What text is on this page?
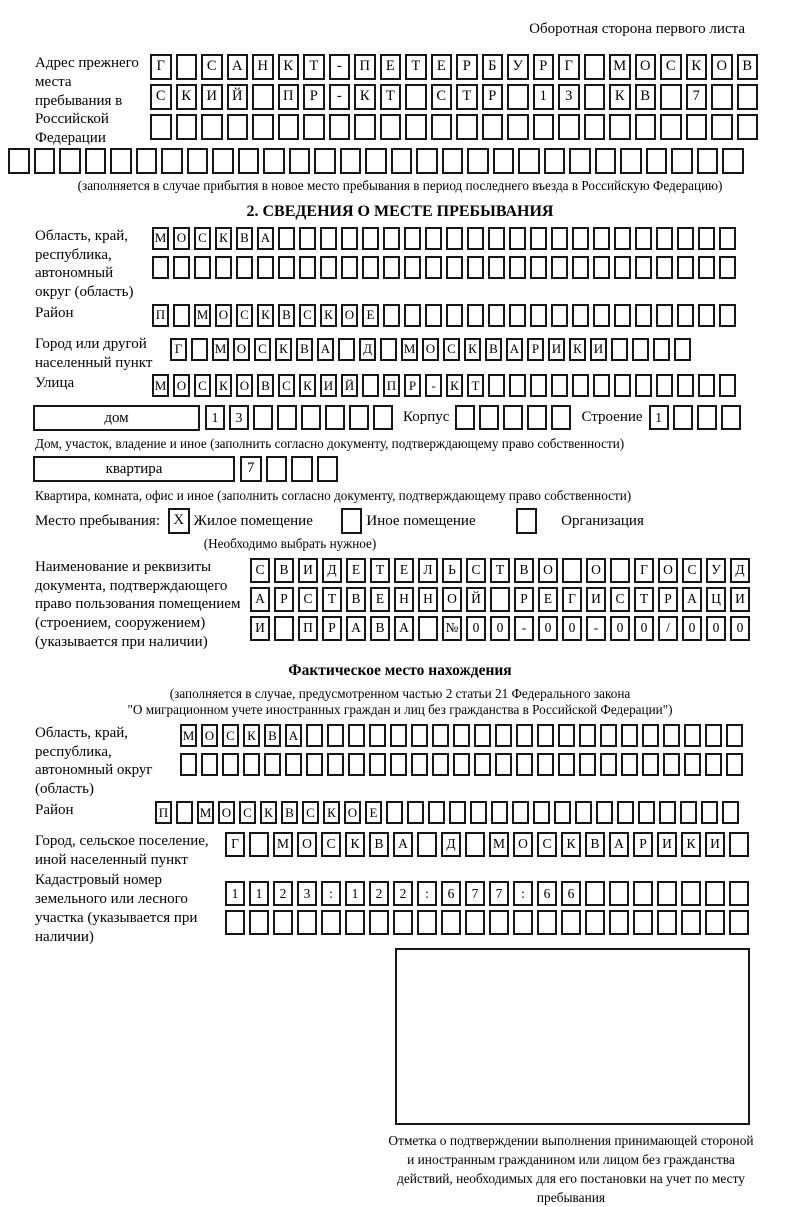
Оборотная сторона первого листа
Адрес прежнего места пребывания в Российской Федерации
Г	С	А	Н	К	Т	-	П	Е	Т	Е	Р	Б	У	Р	Г	М О	С	К	О	В
С	К	И	Й	П	Р	-	К	Т	С	Т	Р	1	3	К	В	7
(заполняется в случае прибытия в новое место пребывания в период последнего въезда в Российскую Федерацию)
2. СВЕДЕНИЯ О МЕСТЕ ПРЕБЫВАНИЯ
Область, край, республика, автономный округ (область)
М О С К В А
Район	П М О С К В С К О Е
Город или другой населенный пункт
Г	М О С К В А	Д	М О С К В А Р И К И
Улица	М О С К О В С К И Й	П Р	-	К Т
дом	1	3	Корпус	Строение 1
Дом, участок, владение и иное (заполнить согласно документу, подтверждающему право собственности)
квартира	7
Квартира, комната, офис и иное (заполнить согласно документу, подтверждающему право собственности)
Место пребывания: X Жилое помещение	Иное помещение	Организация
(Необходимо выбрать нужное)
Наименование и реквизиты документа, подтверждающего право пользования помещением (строением, сооружением) (указывается при наличии)
С	В	И	Д	Е	Т	Е	Л	Ь	С	Т	В	О	О	Г	О	С	У	Д
А	Р	С	Т	В	Е	Н	Н	О	Й	Р	Е	Г	И	С	Т	Р	А	Ц	И
И	П	Р	А	В	А	№	0	0	-	0	0	-	0	0	/	0	0	0
Фактическое место нахождения
(заполняется в случае, предусмотренном частью 2 статьи 21 Федерального закона
"О миграционном учете иностранных граждан и лиц без гражданства в Российской Федерации")
Область, край, республика, автономный округ (область)
М О С К В А
Район	П М О С К В С К О Е
Город, сельское поселение, иной населенный пункт
Г	М О	С	К	В	А	Д	М О	С	К	В	А	Р	И	К	И
Кадастровый номер земельного или лесного участка (указывается при наличии)
1	1	2	3	:	1	2	2	:	6	7	7	:	6	6
Отметка о подтверждении выполнения принимающей стороной и иностранным гражданином или лицом без гражданства действий, необходимых для его постановки на учет по месту пребывания
